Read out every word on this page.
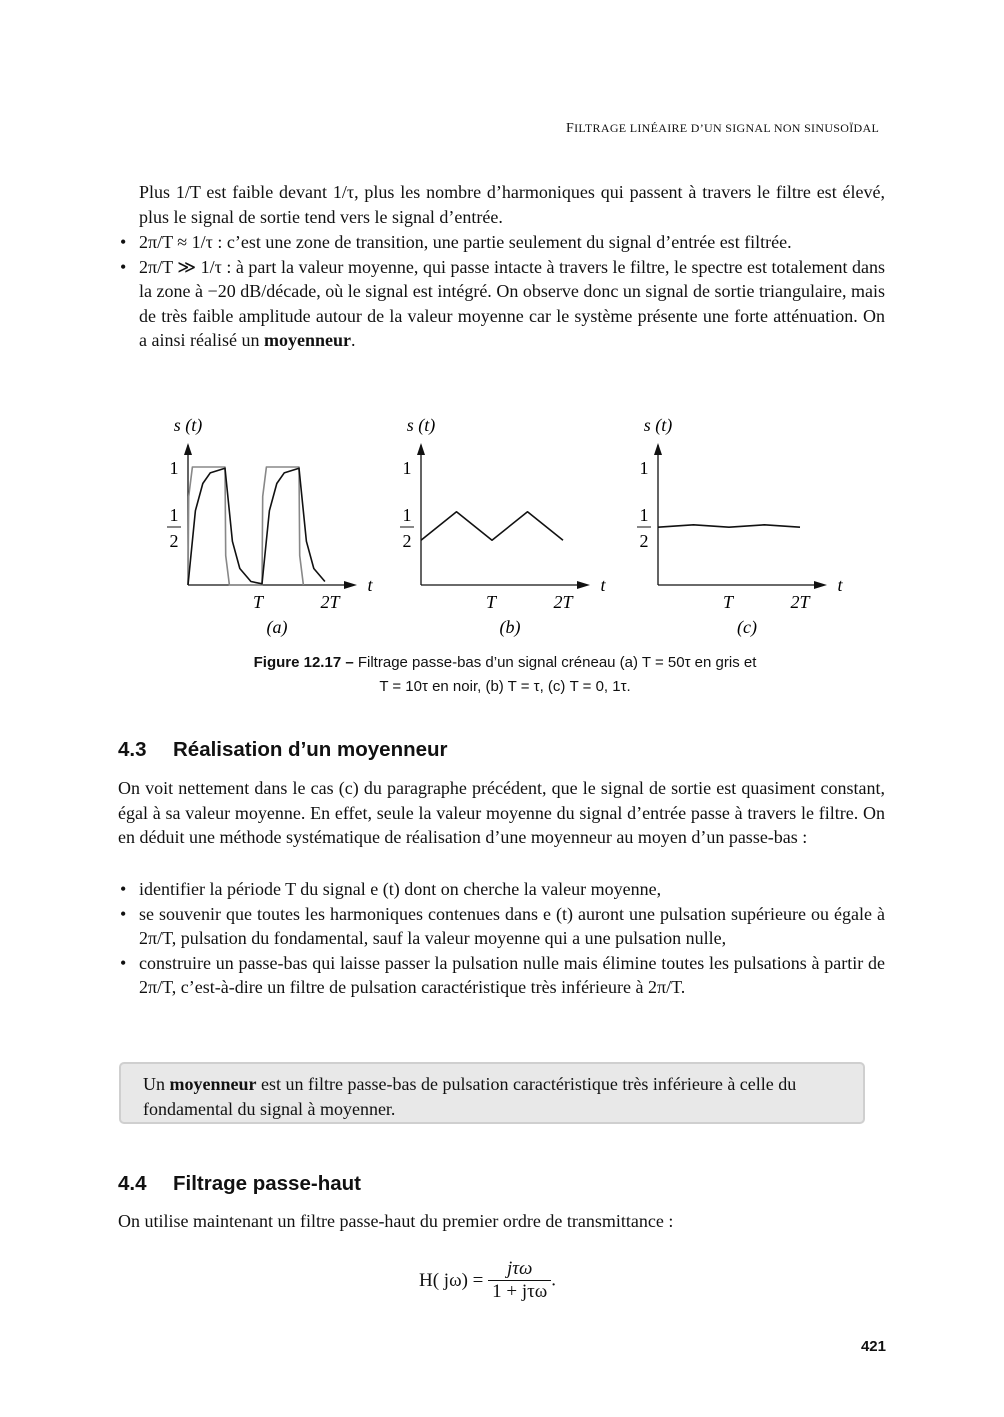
FILTRAGE LINÉAIRE D’UN SIGNAL NON SINUSOÏDAL
Plus 1/T est faible devant 1/τ, plus les nombre d’harmoniques qui passent à travers le filtre est élevé, plus le signal de sortie tend vers le signal d’entrée.
• 2π/T ≈ 1/τ : c’est une zone de transition, une partie seulement du signal d’entrée est filtrée.
• 2π/T ≫ 1/τ : à part la valeur moyenne, qui passe intacte à travers le filtre, le spectre est totalement dans la zone à −20 dB/décade, où le signal est intégré. On observe donc un signal de sortie triangulaire, mais de très faible amplitude autour de la valeur moyenne car le système présente une forte atténuation. On a ainsi réalisé un moyenneur.
s (t)
t
1
1
2
T	2T
(a)
s (t)
t
1
1
2
T	2T
(b)
s (t)
t
1
1
2
T	2T
(c)
Figure 12.17 – Filtrage passe-bas d’un signal créneau (a) T = 50τ en gris et
T = 10τ en noir, (b) T = τ, (c) T = 0, 1τ.
4.3 Réalisation d’un moyenneur
On voit nettement dans le cas (c) du paragraphe précédent, que le signal de sortie est quasiment constant, égal à sa valeur moyenne. En effet, seule la valeur moyenne du signal d’entrée passe à travers le filtre. On en déduit une méthode systématique de réalisation d’une moyenneur au moyen d’un passe-bas :
• identifier la période T du signal e (t) dont on cherche la valeur moyenne,
• se souvenir que toutes les harmoniques contenues dans e (t) auront une pulsation supérieure ou égale à 2π/T, pulsation du fondamental, sauf la valeur moyenne qui a une pulsation nulle,
• construire un passe-bas qui laisse passer la pulsation nulle mais élimine toutes les pulsations à partir de 2π/T, c’est-à-dire un filtre de pulsation caractéristique très inférieure à 2π/T.
Un moyenneur est un filtre passe-bas de pulsation caractéristique très inférieure à celle du fondamental du signal à moyenner.
4.4 Filtrage passe-haut
On utilise maintenant un filtre passe-haut du premier ordre de transmittance :
H( jω) =
jτω
1 + jτω
.
421
